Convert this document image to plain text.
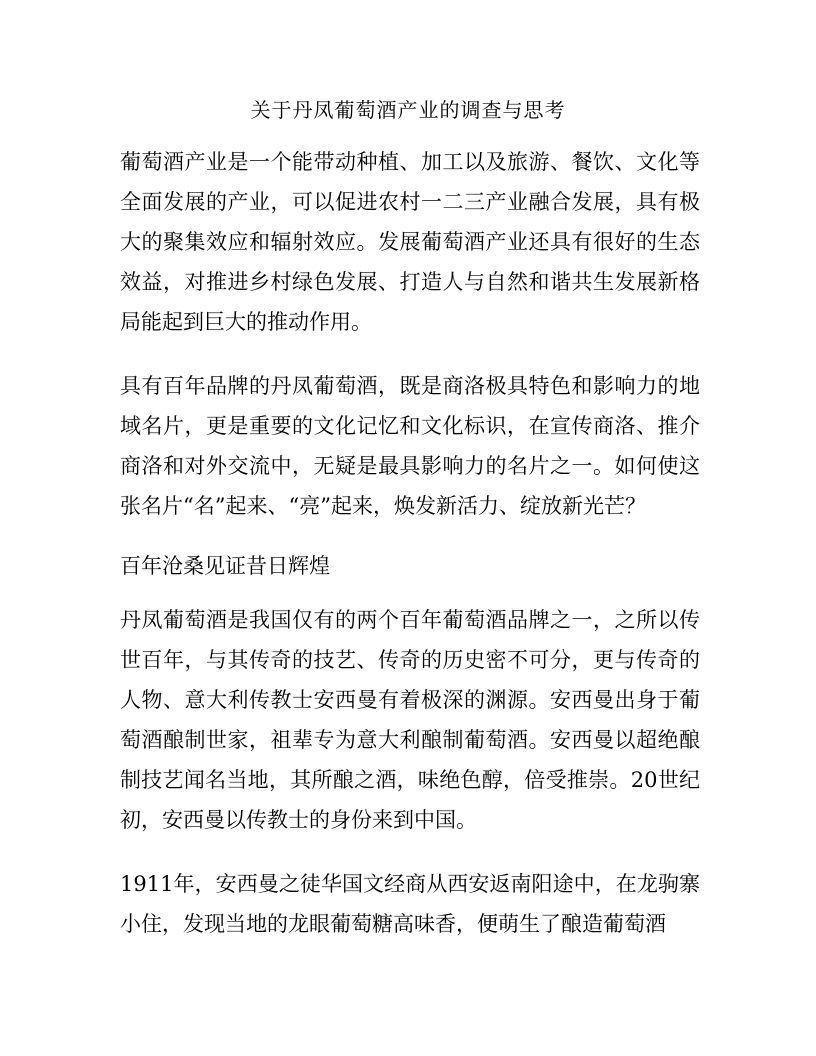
关于丹凤葡萄酒产业的调查与思考

葡萄酒产业是一个能带动种植、加工以及旅游、餐饮、文化等全面发展的产业，可以促进农村一二三产业融合发展，具有极大的聚集效应和辐射效应。发展葡萄酒产业还具有很好的生态效益，对推进乡村绿色发展、打造人与自然和谐共生发展新格局能起到巨大的推动作用。

具有百年品牌的丹凤葡萄酒，既是商洛极具特色和影响力的地域名片，更是重要的文化记忆和文化标识，在宣传商洛、推介商洛和对外交流中，无疑是最具影响力的名片之一。如何使这张名片“名”起来、“亮”起来，焕发新活力、绽放新光芒？

百年沧桑见证昔日辉煌

丹凤葡萄酒是我国仅有的两个百年葡萄酒品牌之一，之所以传世百年，与其传奇的技艺、传奇的历史密不可分，更与传奇的人物、意大利传教士安西曼有着极深的渊源。安西曼出身于葡萄酒酿制世家，祖辈专为意大利酿制葡萄酒。安西曼以超绝酿制技艺闻名当地，其所酿之酒，味绝色醇，倍受推崇。20世纪初，安西曼以传教士的身份来到中国。

1911年，安西曼之徒华国文经商从西安返南阳途中，在龙驹寨小住，发现当地的龙眼葡萄糖高味香，便萌生了酿造葡萄酒
